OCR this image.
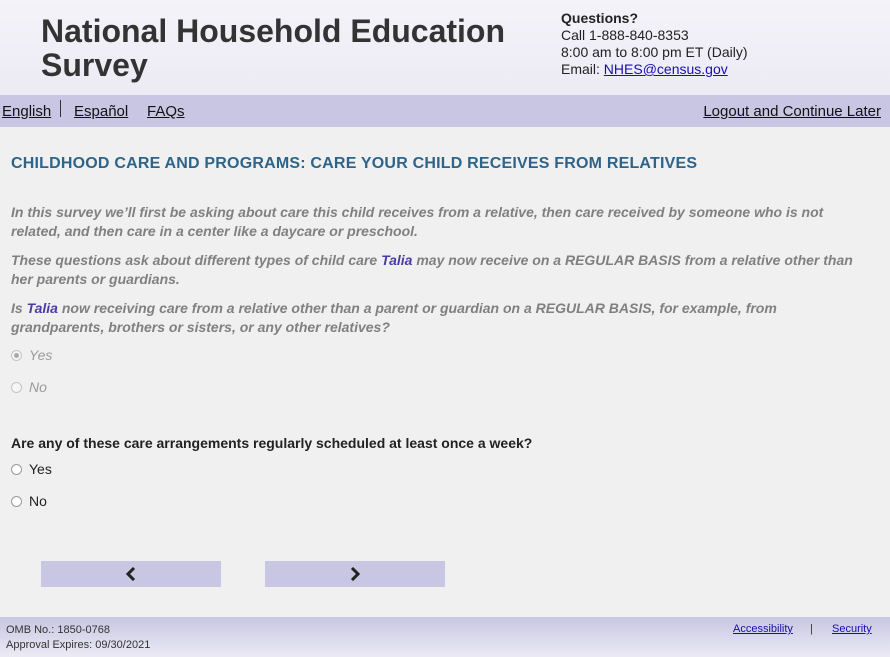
National Household Education Survey
Questions?
Call 1-888-840-8353
8:00 am to 8:00 pm ET (Daily)
Email: NHES@census.gov
English Español FAQs	Logout and Continue Later
CHILDHOOD CARE AND PROGRAMS: CARE YOUR CHILD RECEIVES FROM RELATIVES
In this survey we’ll first be asking about care this child receives from a relative, then care received by someone who is not related, and then care in a center like a daycare or preschool.
These questions ask about different types of child care Talia may now receive on a REGULAR BASIS from a relative other than her parents or guardians.
Is Talia now receiving care from a relative other than a parent or guardian on a REGULAR BASIS, for example, from grandparents, brothers or sisters, or any other relatives?
Yes
No
Are any of these care arrangements regularly scheduled at least once a week?
Yes
No
OMB No.: 1850-0768
Approval Expires: 09/30/2021
Accessibility | Security
